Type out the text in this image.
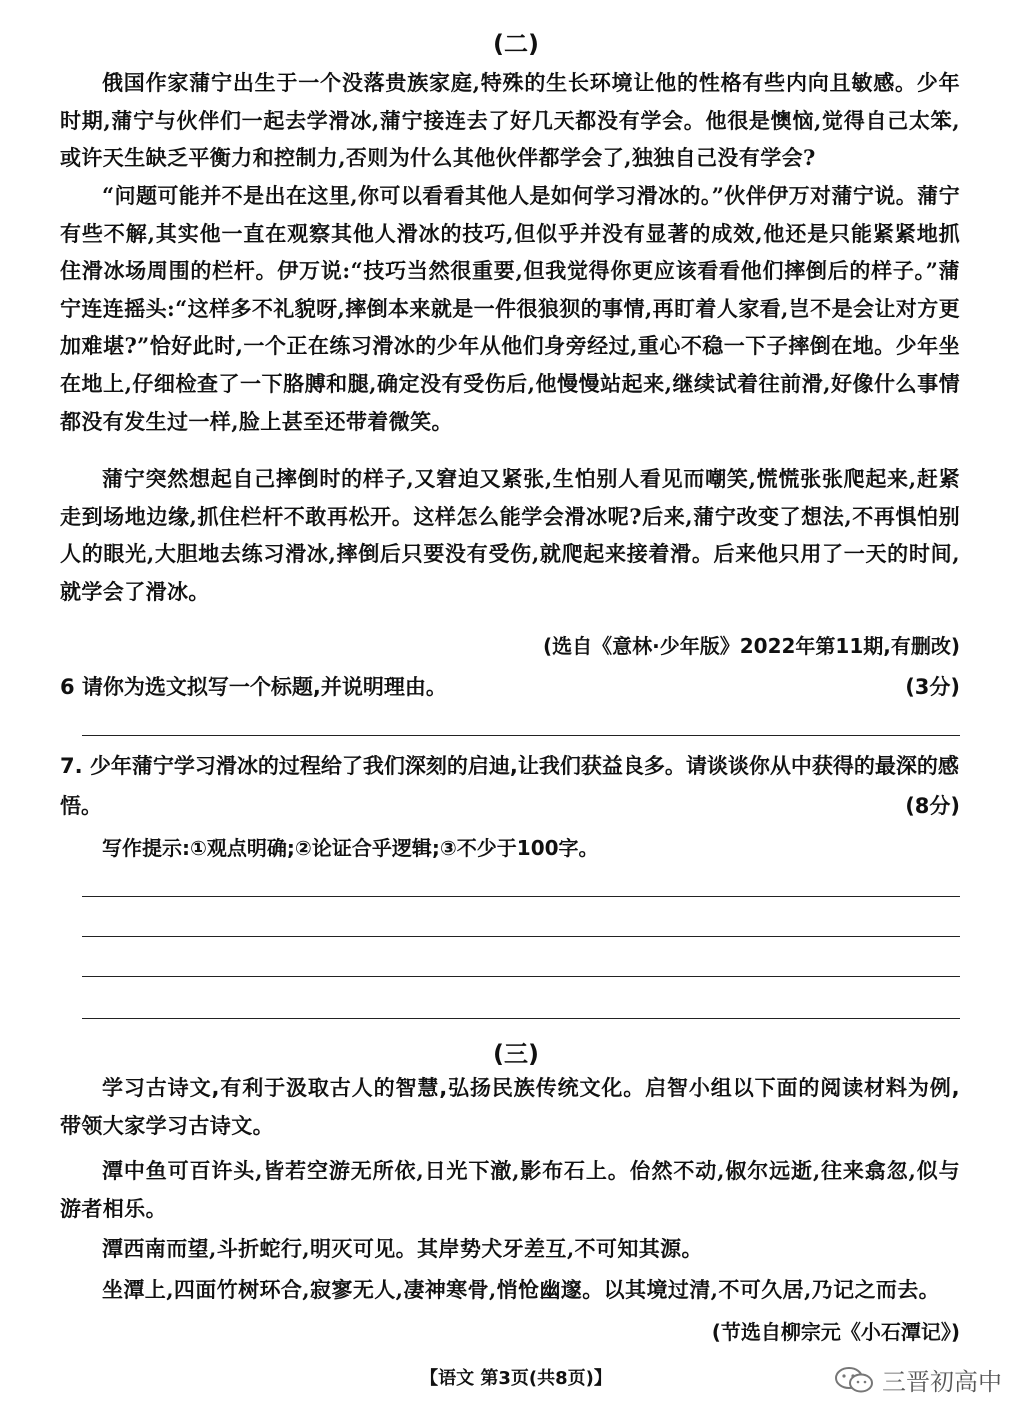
(二)
俄国作家蒲宁出生于一个没落贵族家庭,特殊的生长环境让他的性格有些内向且敏感。少年时期,蒲宁与伙伴们一起去学滑冰,蒲宁接连去了好几天都没有学会。他很是懊恼,觉得自己太笨,或许天生缺乏平衡力和控制力,否则为什么其他伙伴都学会了,独独自己没有学会?
“问题可能并不是出在这里,你可以看看其他人是如何学习滑冰的。”伙伴伊万对蒲宁说。蒲宁有些不解,其实他一直在观察其他人滑冰的技巧,但似乎并没有显著的成效,他还是只能紧紧地抓住滑冰场周围的栏杆。伊万说:“技巧当然很重要,但我觉得你更应该看看他们摔倒后的样子。”蒲宁连连摇头:“这样多不礼貌呀,摔倒本来就是一件很狼狈的事情,再盯着人家看,岂不是会让对方更加难堪?”恰好此时,一个正在练习滑冰的少年从他们身旁经过,重心不稳一下子摔倒在地。少年坐在地上,仔细检查了一下胳膊和腿,确定没有受伤后,他慢慢站起来,继续试着往前滑,好像什么事情都没有发生过一样,脸上甚至还带着微笑。
蒲宁突然想起自己摔倒时的样子,又窘迫又紧张,生怕别人看见而嘲笑,慌慌张张爬起来,赶紧走到场地边缘,抓住栏杆不敢再松开。这样怎么能学会滑冰呢?后来,蒲宁改变了想法,不再惧怕别人的眼光,大胆地去练习滑冰,摔倒后只要没有受伤,就爬起来接着滑。后来他只用了一天的时间,就学会了滑冰。
(选自《意林·少年版》2022年第11期,有删改)
6 请你为选文拟写一个标题,并说明理由。	(3分)
7. 少年蒲宁学习滑冰的过程给了我们深刻的启迪,让我们获益良多。请谈谈你从中获得的最深的感悟。	(8分)
写作提示:①观点明确;②论证合乎逻辑;③不少于100字。
(三)
学习古诗文,有利于汲取古人的智慧,弘扬民族传统文化。启智小组以下面的阅读材料为例,带领大家学习古诗文。
潭中鱼可百许头,皆若空游无所依,日光下澈,影布石上。佁然不动,俶尔远逝,往来翕忽,似与游者相乐。
潭西南而望,斗折蛇行,明灭可见。其岸势犬牙差互,不可知其源。
坐潭上,四面竹树环合,寂寥无人,凄神寒骨,悄怆幽邃。以其境过清,不可久居,乃记之而去。
(节选自柳宗元《小石潭记》)
【语文 第3页(共8页)】	三晋初高中
